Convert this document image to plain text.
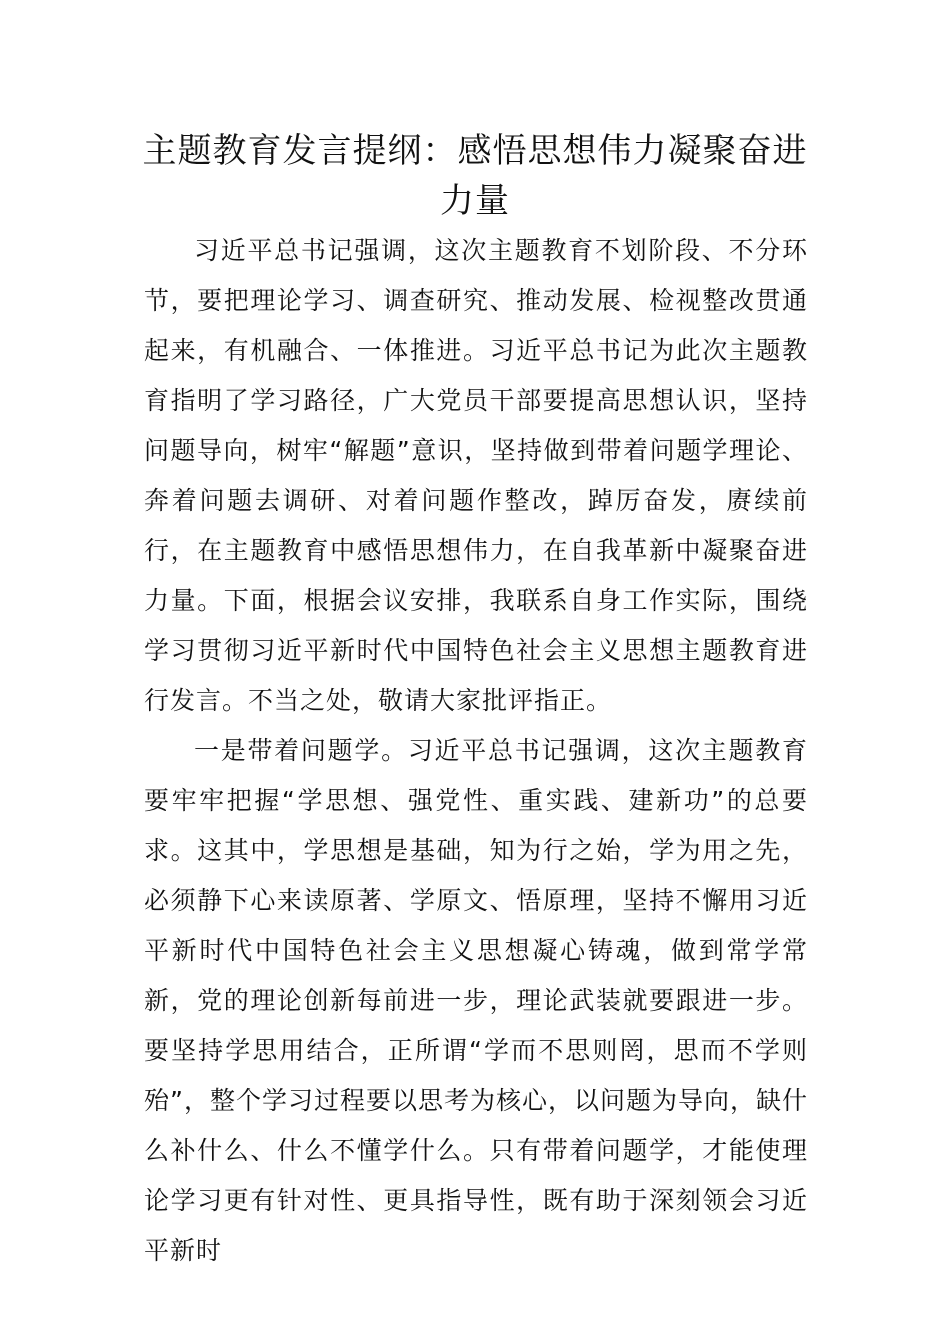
主题教育发言提纲：感悟思想伟力凝聚奋进力量

习近平总书记强调，这次主题教育不划阶段、不分环节，要把理论学习、调查研究、推动发展、检视整改贯通起来，有机融合、一体推进。习近平总书记为此次主题教育指明了学习路径，广大党员干部要提高思想认识，坚持问题导向，树牢“解题”意识，坚持做到带着问题学理论、奔着问题去调研、对着问题作整改，踔厉奋发，赓续前行，在主题教育中感悟思想伟力，在自我革新中凝聚奋进力量。下面，根据会议安排，我联系自身工作实际，围绕学习贯彻习近平新时代中国特色社会主义思想主题教育进行发言。不当之处，敬请大家批评指正。

一是带着问题学。习近平总书记强调，这次主题教育要牢牢把握“学思想、强党性、重实践、建新功”的总要求。这其中，学思想是基础，知为行之始，学为用之先，必须静下心来读原著、学原文、悟原理，坚持不懈用习近平新时代中国特色社会主义思想凝心铸魂，做到常学常新，党的理论创新每前进一步，理论武装就要跟进一步。要坚持学思用结合，正所谓“学而不思则罔，思而不学则殆”，整个学习过程要以思考为核心，以问题为导向，缺什么补什么、什么不懂学什么。只有带着问题学，才能使理论学习更有针对性、更具指导性，既有助于深刻领会习近平新时
